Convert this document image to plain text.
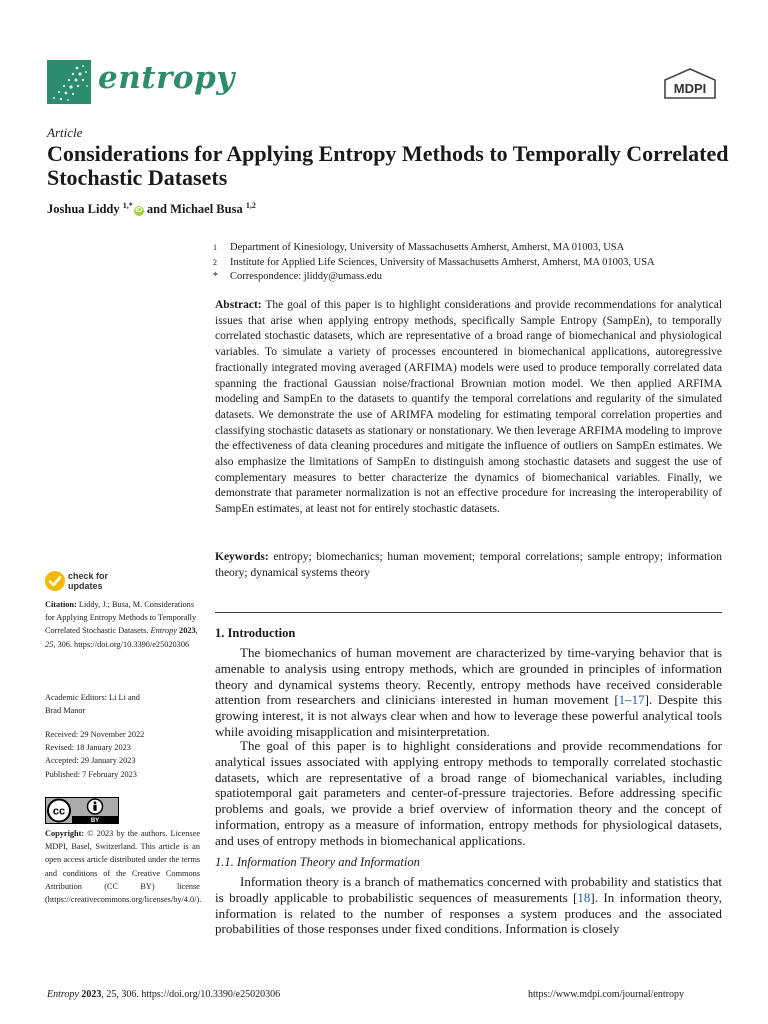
entropy	MDPI
Article
Considerations for Applying Entropy Methods to Temporally Correlated Stochastic Datasets
Joshua Liddy $^{1,*}$iD and Michael Busa $^{1,2}$
1	Department of Kinesiology, University of Massachusetts Amherst, Amherst, MA 01003, USA
2	Institute for Applied Life Sciences, University of Massachusetts Amherst, Amherst, MA 01003, USA
*	Correspondence: jliddy@umass.edu
Abstract: The goal of this paper is to highlight considerations and provide recommendations for analytical issues that arise when applying entropy methods, specifically Sample Entropy (SampEn), to temporally correlated stochastic datasets, which are representative of a broad range of biomechanical and physiological variables. To simulate a variety of processes encountered in biomechanical applications, autoregressive fractionally integrated moving averaged (ARFIMA) models were used to produce temporally correlated data spanning the fractional Gaussian noise/fractional Brownian motion model. We then applied ARFIMA modeling and SampEn to the datasets to quantify the temporal correlations and regularity of the simulated datasets. We demonstrate the use of ARIMFA modeling for estimating temporal correlation properties and classifying stochastic datasets as stationary or nonstationary. We then leverage ARFIMA modeling to improve the effectiveness of data cleaning procedures and mitigate the influence of outliers on SampEn estimates. We also emphasize the limitations of SampEn to distinguish among stochastic datasets and suggest the use of complementary measures to better characterize the dynamics of biomechanical variables. Finally, we demonstrate that parameter normalization is not an effective procedure for increasing the interoperability of SampEn estimates, at least not for entirely stochastic datasets.
Keywords: entropy; biomechanics; human movement; temporal correlations; sample entropy; information theory; dynamical systems theory
check for
updates
Citation: Liddy, J.; Busa, M. Considerations for Applying Entropy Methods to Temporally Correlated Stochastic Datasets. Entropy 2023, 25, 306. https://doi.org/10.3390/e25020306
Academic Editors: Li Li and
Brad Manor
Received: 29 November 2022
Revised: 18 January 2023
Accepted: 29 January 2023
Published: 7 February 2023
cc
BY
Copyright: © 2023 by the authors. Licensee MDPI, Basel, Switzerland. This article is an open access article distributed under the terms and conditions of the Creative Commons Attribution (CC BY) license (https://creativecommons.org/licenses/by/4.0/).
1. Introduction
The biomechanics of human movement are characterized by time-varying behavior that is amenable to analysis using entropy methods, which are grounded in principles of information theory and dynamical systems theory. Recently, entropy methods have received considerable attention from researchers and clinicians interested in human movement [1–17]. Despite this growing interest, it is not always clear when and how to leverage these powerful analytical tools while avoiding misapplication and misinterpretation.
The goal of this paper is to highlight considerations and provide recommendations for analytical issues associated with applying entropy methods to temporally correlated stochastic datasets, which are representative of a broad range of biomechanical variables, including spatiotemporal gait parameters and center-of-pressure trajectories. Before addressing specific problems and goals, we provide a brief overview of information theory and the concept of information, entropy as a measure of information, entropy methods for physiological datasets, and uses of entropy methods in biomechanical applications.
1.1. Information Theory and Information
Information theory is a branch of mathematics concerned with probability and statistics that is broadly applicable to probabilistic sequences of measurements [18]. In information theory, information is related to the number of responses a system produces and the associated probabilities of those responses under fixed conditions. Information is closely
Entropy 2023, 25, 306. https://doi.org/10.3390/e25020306	https://www.mdpi.com/journal/entropy
